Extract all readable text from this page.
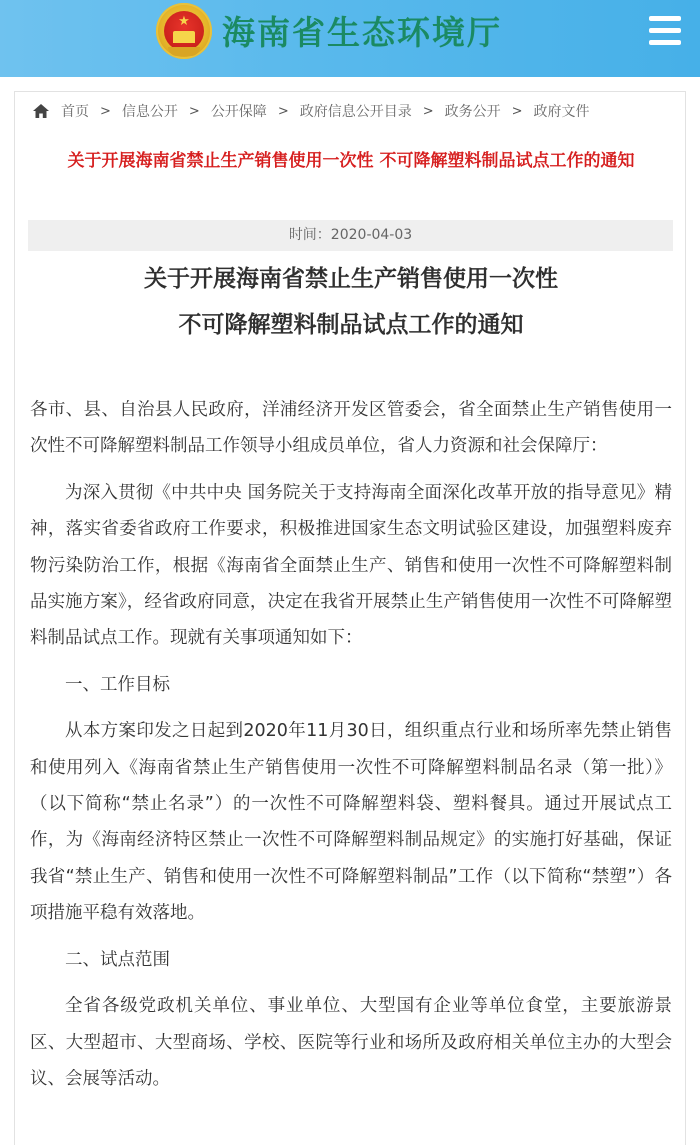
★ 海南省生态环境厅
首页 > 信息公开 > 公开保障 > 政府信息公开目录 > 政务公开 > 政府文件
关于开展海南省禁止生产销售使用一次性 不可降解塑料制品试点工作的通知
时间：2020-04-03
关于开展海南省禁止生产销售使用一次性
不可降解塑料制品试点工作的通知

各市、县、自治县人民政府，洋浦经济开发区管委会，省全面禁止生产销售使用一次性不可降解塑料制品工作领导小组成员单位，省人力资源和社会保障厅：

为深入贯彻《中共中央 国务院关于支持海南全面深化改革开放的指导意见》精神，落实省委省政府工作要求，积极推进国家生态文明试验区建设，加强塑料废弃物污染防治工作，根据《海南省全面禁止生产、销售和使用一次性不可降解塑料制品实施方案》，经省政府同意，决定在我省开展禁止生产销售使用一次性不可降解塑料制品试点工作。现就有关事项通知如下：

一、工作目标

从本方案印发之日起到2020年11月30日，组织重点行业和场所率先禁止销售和使用列入《海南省禁止生产销售使用一次性不可降解塑料制品名录（第一批）》（以下简称“禁止名录”）的一次性不可降解塑料袋、塑料餐具。通过开展试点工作，为《海南经济特区禁止一次性不可降解塑料制品规定》的实施打好基础，保证我省“禁止生产、销售和使用一次性不可降解塑料制品”工作（以下简称“禁塑”）各项措施平稳有效落地。

二、试点范围

全省各级党政机关单位、事业单位、大型国有企业等单位食堂，主要旅游景区、大型超市、大型商场、学校、医院等行业和场所及政府相关单位主办的大型会议、会展等活动。
